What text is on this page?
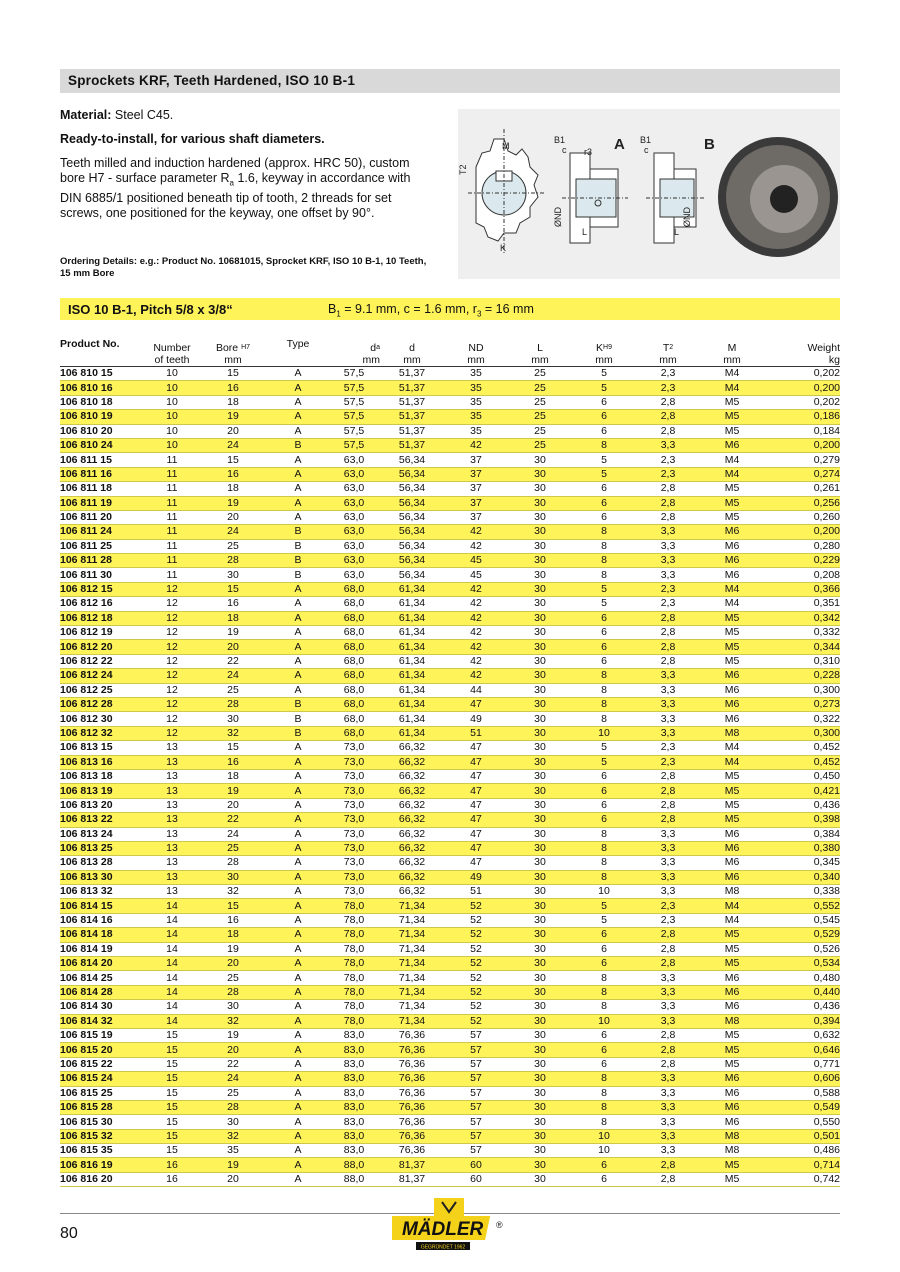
Sprockets KRF, Teeth Hardened, ISO 10 B-1

Material: Steel C45.

Ready-to-install, for various shaft diameters.

Teeth milled and induction hardened (approx. HRC 50), custom bore H7 - surface parameter $R_a$ 1.6, keyway in accordance with DIN 6885/1 positioned beneath tip of tooth, 2 threads for set screws, one positioned for the keyway, one offset by 90°.

Ordering Details: e.g.: Product No. 10681015, Sprocket KRF, ISO 10 B-1, 10 Teeth, 15 mm Bore
M
T2
K
B1
c r3
B1
c
L	L
ØND	ØND
A	B
ISO 10 B-1, Pitch 5/8 x 3/8“	$B_1 = 9.1$ mm, c = 1.6 mm, $r_3 = 16$ mm
Product No.	Number
of teeth	Bore $^{H7}$
mm	Type	da
mm	d
mm	ND
mm	L
mm	$K^{H9}$
mm	T2
mm	M
mm	Weight
kg
106 810 15	10	15	A	57,5	51,37	35	25	5	2,3	M4	0,202
106 810 16	10	16	A	57,5	51,37	35	25	5	2,3	M4	0,200
106 810 18	10	18	A	57,5	51,37	35	25	6	2,8	M5	0,202
106 810 19	10	19	A	57,5	51,37	35	25	6	2,8	M5	0,186
106 810 20	10	20	A	57,5	51,37	35	25	6	2,8	M5	0,184
106 810 24	10	24	B	57,5	51,37	42	25	8	3,3	M6	0,200
106 811 15	11	15	A	63,0	56,34	37	30	5	2,3	M4	0,279
106 811 16	11	16	A	63,0	56,34	37	30	5	2,3	M4	0,274
106 811 18	11	18	A	63,0	56,34	37	30	6	2,8	M5	0,261
106 811 19	11	19	A	63,0	56,34	37	30	6	2,8	M5	0,256
106 811 20	11	20	A	63,0	56,34	37	30	6	2,8	M5	0,260
106 811 24	11	24	B	63,0	56,34	42	30	8	3,3	M6	0,200
106 811 25	11	25	B	63,0	56,34	42	30	8	3,3	M6	0,280
106 811 28	11	28	B	63,0	56,34	45	30	8	3,3	M6	0,229
106 811 30	11	30	B	63,0	56,34	45	30	8	3,3	M6	0,208
106 812 15	12	15	A	68,0	61,34	42	30	5	2,3	M4	0,366
106 812 16	12	16	A	68,0	61,34	42	30	5	2,3	M4	0,351
106 812 18	12	18	A	68,0	61,34	42	30	6	2,8	M5	0,342
106 812 19	12	19	A	68,0	61,34	42	30	6	2,8	M5	0,332
106 812 20	12	20	A	68,0	61,34	42	30	6	2,8	M5	0,344
106 812 22	12	22	A	68,0	61,34	42	30	6	2,8	M5	0,310
106 812 24	12	24	A	68,0	61,34	42	30	8	3,3	M6	0,228
106 812 25	12	25	A	68,0	61,34	44	30	8	3,3	M6	0,300
106 812 28	12	28	B	68,0	61,34	47	30	8	3,3	M6	0,273
106 812 30	12	30	B	68,0	61,34	49	30	8	3,3	M6	0,322
106 812 32	12	32	B	68,0	61,34	51	30	10	3,3	M8	0,300
106 813 15	13	15	A	73,0	66,32	47	30	5	2,3	M4	0,452
106 813 16	13	16	A	73,0	66,32	47	30	5	2,3	M4	0,452
106 813 18	13	18	A	73,0	66,32	47	30	6	2,8	M5	0,450
106 813 19	13	19	A	73,0	66,32	47	30	6	2,8	M5	0,421
106 813 20	13	20	A	73,0	66,32	47	30	6	2,8	M5	0,436
106 813 22	13	22	A	73,0	66,32	47	30	6	2,8	M5	0,398
106 813 24	13	24	A	73,0	66,32	47	30	8	3,3	M6	0,384
106 813 25	13	25	A	73,0	66,32	47	30	8	3,3	M6	0,380
106 813 28	13	28	A	73,0	66,32	47	30	8	3,3	M6	0,345
106 813 30	13	30	A	73,0	66,32	49	30	8	3,3	M6	0,340
106 813 32	13	32	A	73,0	66,32	51	30	10	3,3	M8	0,338
106 814 15	14	15	A	78,0	71,34	52	30	5	2,3	M4	0,552
106 814 16	14	16	A	78,0	71,34	52	30	5	2,3	M4	0,545
106 814 18	14	18	A	78,0	71,34	52	30	6	2,8	M5	0,529
106 814 19	14	19	A	78,0	71,34	52	30	6	2,8	M5	0,526
106 814 20	14	20	A	78,0	71,34	52	30	6	2,8	M5	0,534
106 814 25	14	25	A	78,0	71,34	52	30	8	3,3	M6	0,480
106 814 28	14	28	A	78,0	71,34	52	30	8	3,3	M6	0,440
106 814 30	14	30	A	78,0	71,34	52	30	8	3,3	M6	0,436
106 814 32	14	32	A	78,0	71,34	52	30	10	3,3	M8	0,394
106 815 19	15	19	A	83,0	76,36	57	30	6	2,8	M5	0,632
106 815 20	15	20	A	83,0	76,36	57	30	6	2,8	M5	0,646
106 815 22	15	22	A	83,0	76,36	57	30	6	2,8	M5	0,771
106 815 24	15	24	A	83,0	76,36	57	30	8	3,3	M6	0,606
106 815 25	15	25	A	83,0	76,36	57	30	8	3,3	M6	0,588
106 815 28	15	28	A	83,0	76,36	57	30	8	3,3	M6	0,549
106 815 30	15	30	A	83,0	76,36	57	30	8	3,3	M6	0,550
106 815 32	15	32	A	83,0	76,36	57	30	10	3,3	M8	0,501
106 815 35	15	35	A	83,0	76,36	57	30	10	3,3	M8	0,486
106 816 19	16	19	A	88,0	81,37	60	30	6	2,8	M5	0,714
106 816 20	16	20	A	88,0	81,37	60	30	6	2,8	M5	0,742
80	MÄDLER ®
GEGRÜNDET 1962
